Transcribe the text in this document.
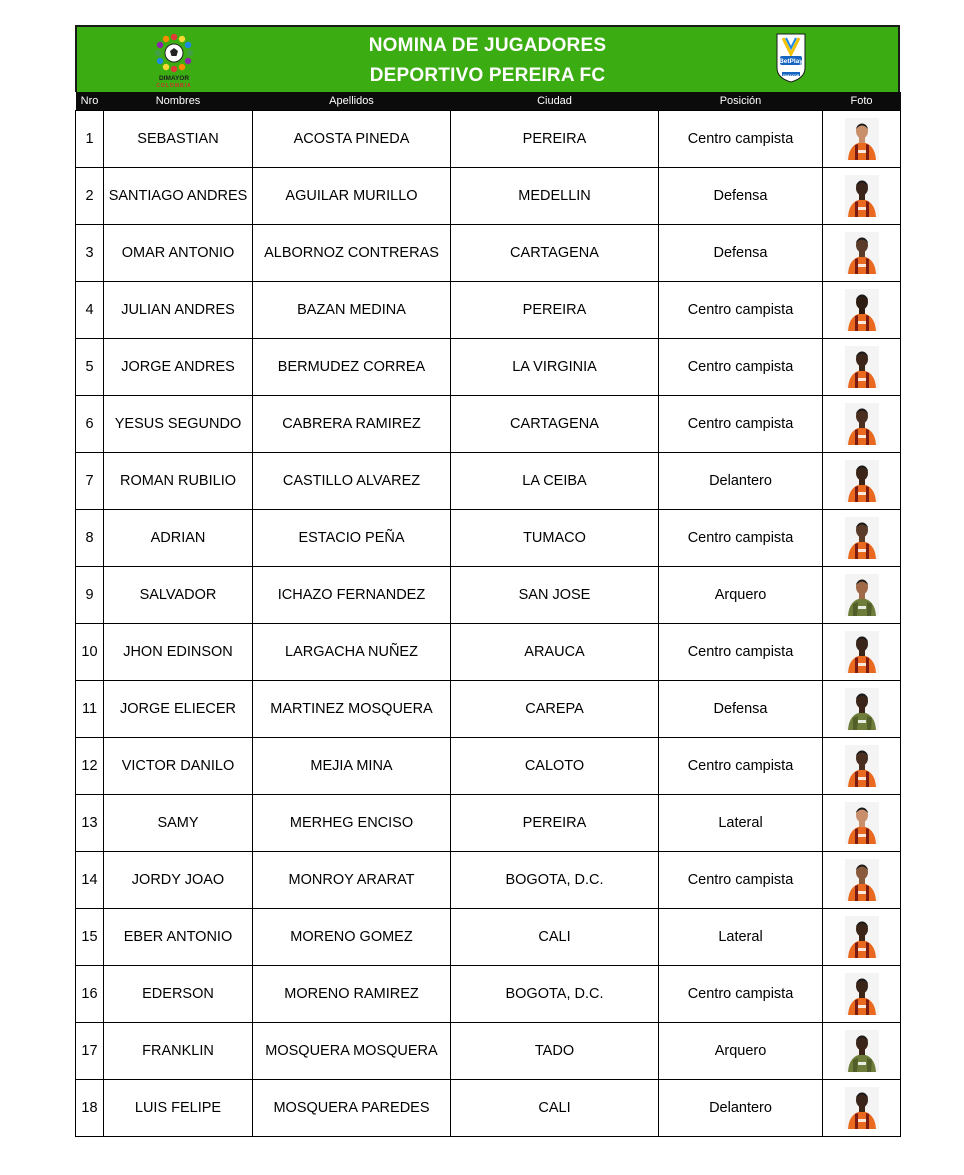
DIMAYOR
COLOMBIA
NOMINA DE JUGADORES
DEPORTIVO PEREIRA FC
BetPlay
DIMAYOR
Nro	Nombres	Apellidos	Ciudad	Posición	Foto
1	SEBASTIAN	ACOSTA PINEDA	PEREIRA	Centro campista	
2	SANTIAGO ANDRES	AGUILAR MURILLO	MEDELLIN	Defensa	
3	OMAR ANTONIO	ALBORNOZ CONTRERAS	CARTAGENA	Defensa	
4	JULIAN ANDRES	BAZAN MEDINA	PEREIRA	Centro campista	
5	JORGE ANDRES	BERMUDEZ CORREA	LA VIRGINIA	Centro campista	
6	YESUS SEGUNDO	CABRERA RAMIREZ	CARTAGENA	Centro campista	
7	ROMAN RUBILIO	CASTILLO ALVAREZ	LA CEIBA	Delantero	
8	ADRIAN	ESTACIO PEÑA	TUMACO	Centro campista	
9	SALVADOR	ICHAZO FERNANDEZ	SAN JOSE	Arquero	
10	JHON EDINSON	LARGACHA NUÑEZ	ARAUCA	Centro campista	
11	JORGE ELIECER	MARTINEZ MOSQUERA	CAREPA	Defensa	
12	VICTOR DANILO	MEJIA MINA	CALOTO	Centro campista	
13	SAMY	MERHEG ENCISO	PEREIRA	Lateral	
14	JORDY JOAO	MONROY ARARAT	BOGOTA, D.C.	Centro campista	
15	EBER ANTONIO	MORENO GOMEZ	CALI	Lateral	
16	EDERSON	MORENO RAMIREZ	BOGOTA, D.C.	Centro campista	
17	FRANKLIN	MOSQUERA MOSQUERA	TADO	Arquero	
18	LUIS FELIPE	MOSQUERA PAREDES	CALI	Delantero	
